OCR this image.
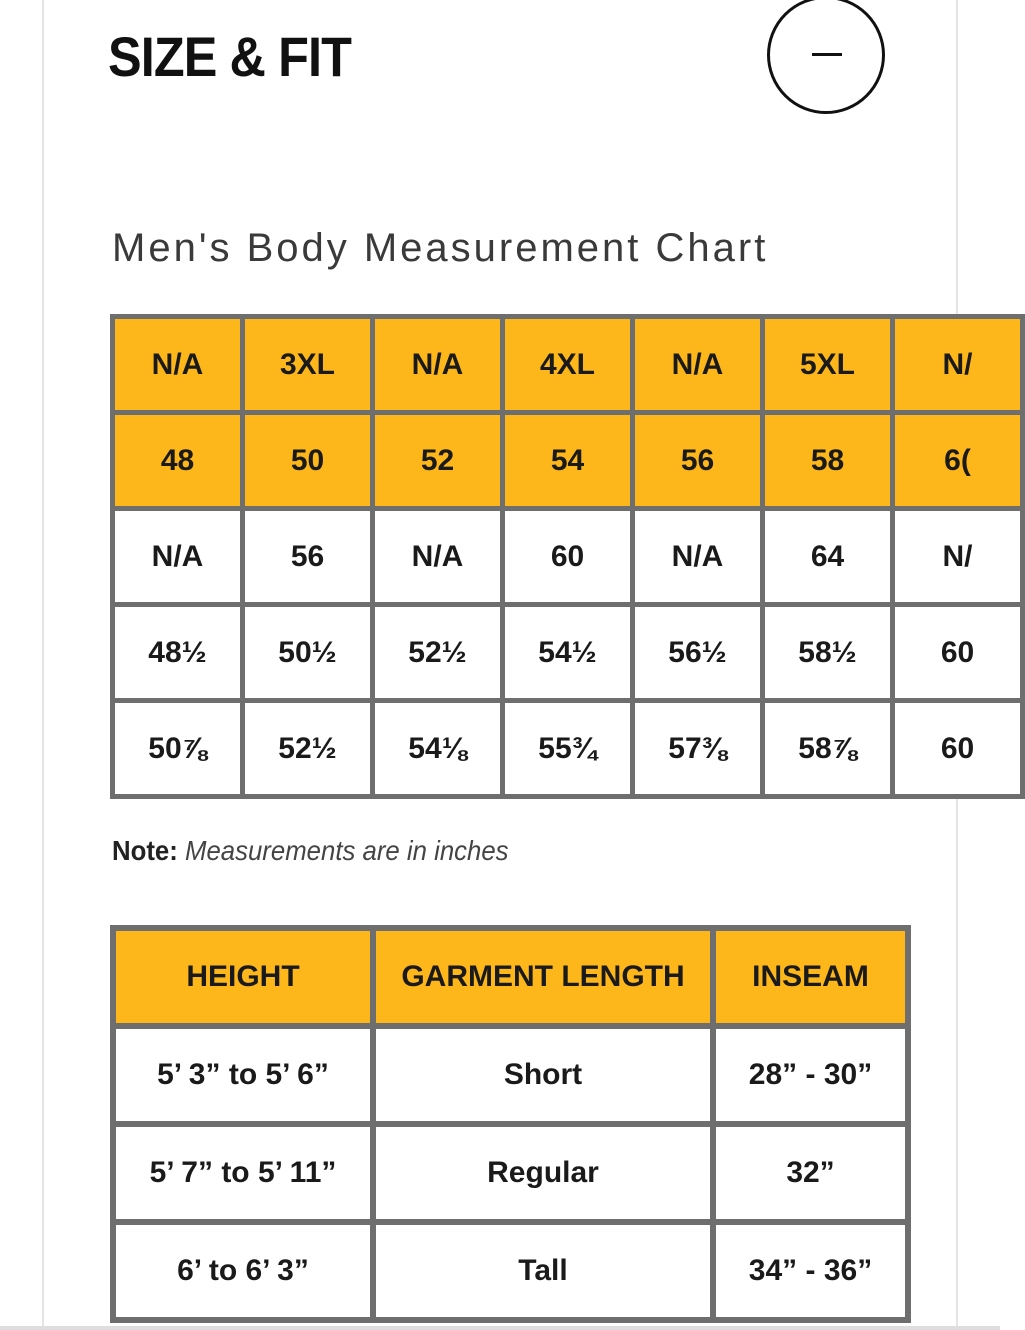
SIZE & FIT
Men's Body Measurement Chart
N/A	3XL	N/A	4XL	N/A	5XL	N/
48	50	52	54	56	58	6(
N/A	56	N/A	60	N/A	64	N/
48½	50½	52½	54½	56½	58½	60
50⅞	52½	54⅛	55¾	57⅜	58⅞	60
Note: Measurements are in inches
HEIGHT	GARMENT LENGTH	INSEAM
5’ 3” to 5’ 6”	Short	28” - 30”
5’ 7” to 5’ 11”	Regular	32”
6’ to 6’ 3”	Tall	34” - 36”
